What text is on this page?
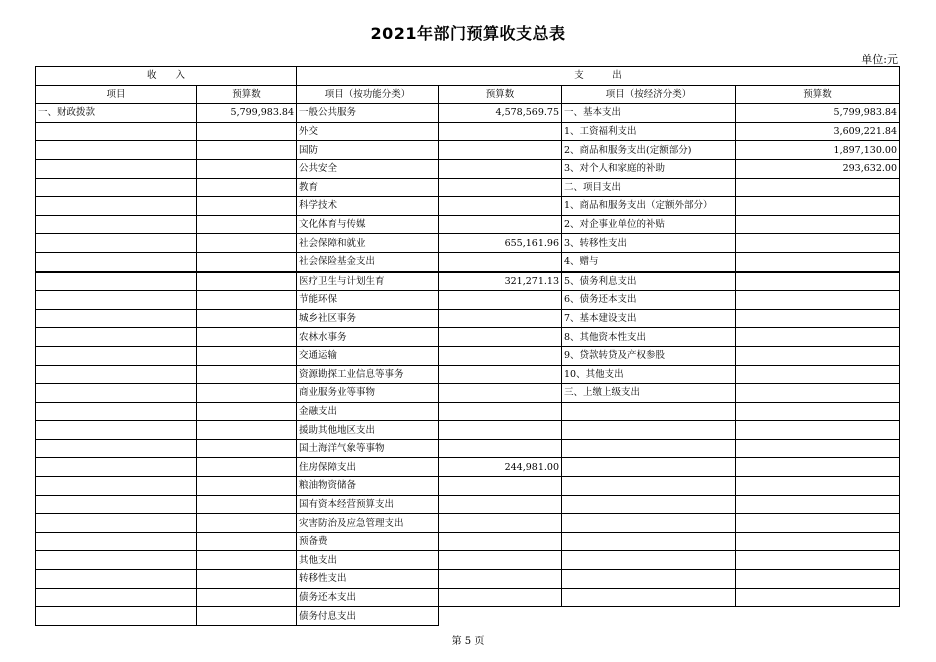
2021年部门预算收支总表
单位:元
收　　入		支　　　出			
项目	预算数	项目（按功能分类）	预算数	项目（按经济分类）	预算数
一、财政拨款	5,799,983.84	一般公共服务	4,578,569.75	一、基本支出	5,799,983.84
		外交		1、工资福利支出	3,609,221.84
		国防		2、商品和服务支出(定额部分)	1,897,130.00
		公共安全		3、对个人和家庭的补助	293,632.00
		教育		二、项目支出	
		科学技术		1、商品和服务支出（定额外部分）	
		文化体育与传媒		2、对企事业单位的补贴	
		社会保障和就业	655,161.96	3、转移性支出	
		社会保险基金支出		4、赠与	
		医疗卫生与计划生育	321,271.13	5、债务利息支出	
		节能环保		6、债务还本支出	
		城乡社区事务		7、基本建设支出	
		农林水事务		8、其他资本性支出	
		交通运输		9、贷款转贷及产权参股	
		资源勘探工业信息等事务		10、其他支出	
		商业服务业等事物		三、上缴上级支出	
		金融支出			
		援助其他地区支出			
		国土海洋气象等事物			
		住房保障支出	244,981.00		
		粮油物资储备			
		国有资本经营预算支出			
		灾害防治及应急管理支出			
		预备费			
		其他支出			
		转移性支出			
		债务还本支出			
		债务付息支出			
第 5 页
